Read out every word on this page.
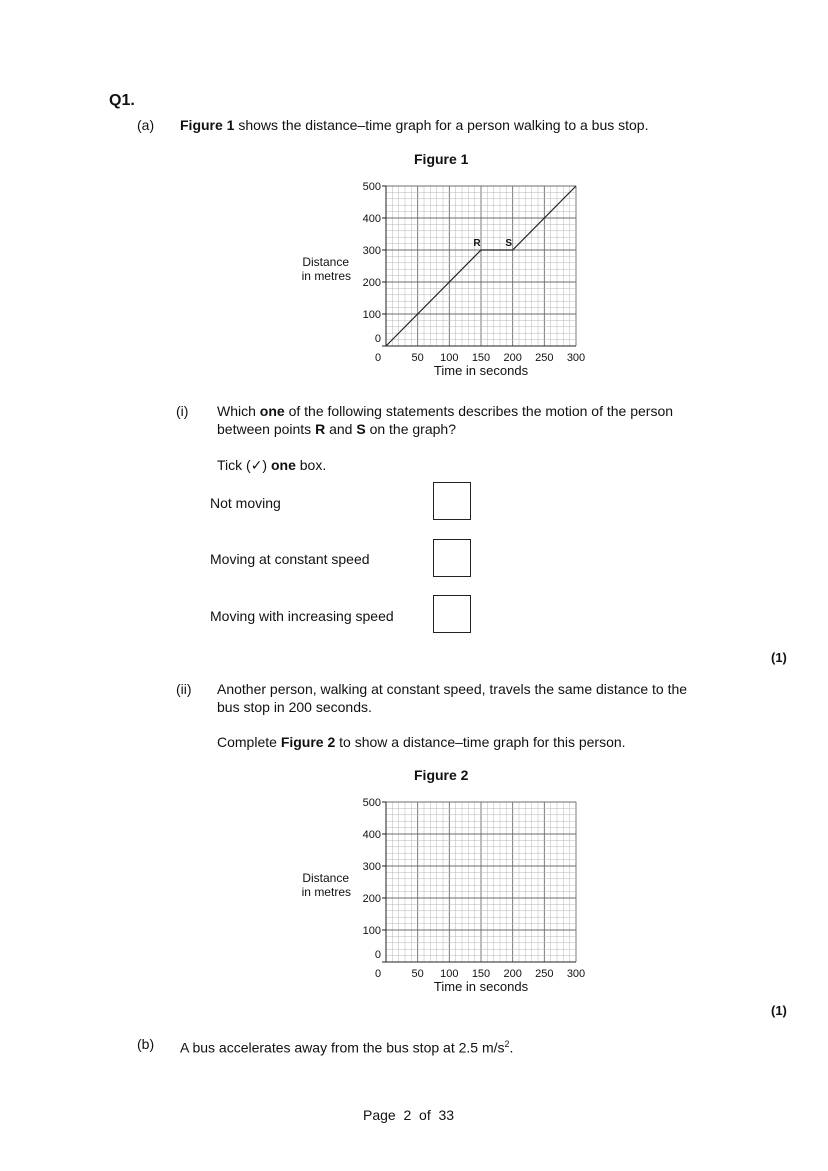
Q1.
(a) Figure 1 shows the distance–time graph for a person walking to a bus stop.
Figure 1
0
100
200
300
400
500
0	50 100 150 200 250 300
Time in seconds
Distance
in metres
R S
(i) Which one of the following statements describes the motion of the person
between points R and S on the graph?
Tick (✓) one box.
Not moving
Moving at constant speed
Moving with increasing speed
(1)
(ii) Another person, walking at constant speed, travels the same distance to the
bus stop in 200 seconds.
Complete Figure 2 to show a distance–time graph for this person.
Figure 2
0
100
200
300
400
500
0	50 100 150 200 250 300
Time in seconds
Distance
in metres
(1)
(b) A bus accelerates away from the bus stop at 2.5 $m/s^2$.
Page  2  of  33
